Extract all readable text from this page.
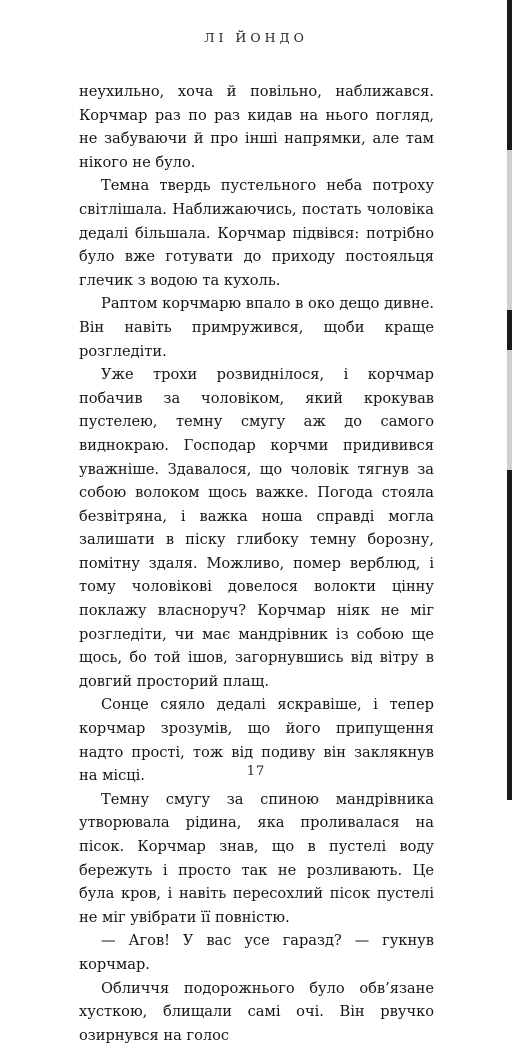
ЛІ ЙОНДО

неухильно, хоча й повільно, наближався. Корчмар раз по раз кидав на нього погляд, не забуваючи й про інші напрямки, але там нікого не було.

Темна твердь пустельного неба потроху світлішала. Наближаючись, постать чоловіка дедалі більшала. Корчмар підвівся: потрібно було вже готувати до приходу постояльця глечик з водою та кухоль.

Раптом корчмарю впало в око дещо дивне. Він навіть примружився, щоби краще розгледіти.

Уже трохи розвиднілося, і корчмар побачив за чоловіком, який крокував пустелею, темну смугу аж до самого виднокраю. Господар корчми придивився уважніше. Здавалося, що чоловік тягнув за собою волоком щось важке. Погода стояла безвітряна, і важка ноша справді могла залишати в піску глибоку темну борозну, помітну здаля. Можливо, помер верблюд, і тому чоловікові довелося волокти цінну поклажу власноруч? Корчмар ніяк не міг розгледіти, чи має мандрівник із собою ще щось, бо той ішов, загорнувшись від вітру в довгий просторий плащ.

Сонце сяяло дедалі яскравіше, і тепер корчмар зрозумів, що його припущення надто прості, тож від подиву він заклякнув на місці.

Темну смугу за спиною мандрівника утворювала рідина, яка проливалася на пісок. Корчмар знав, що в пустелі воду бережуть і просто так не розливають. Це була кров, і навіть пересохлий пісок пустелі не міг увібрати її повністю.

— Агов! У вас усе гаразд? — гукнув корчмар.

Обличчя подорожнього було обв’язане хусткою, блищали самі очі. Він рвучко озирнувся на голос

17
